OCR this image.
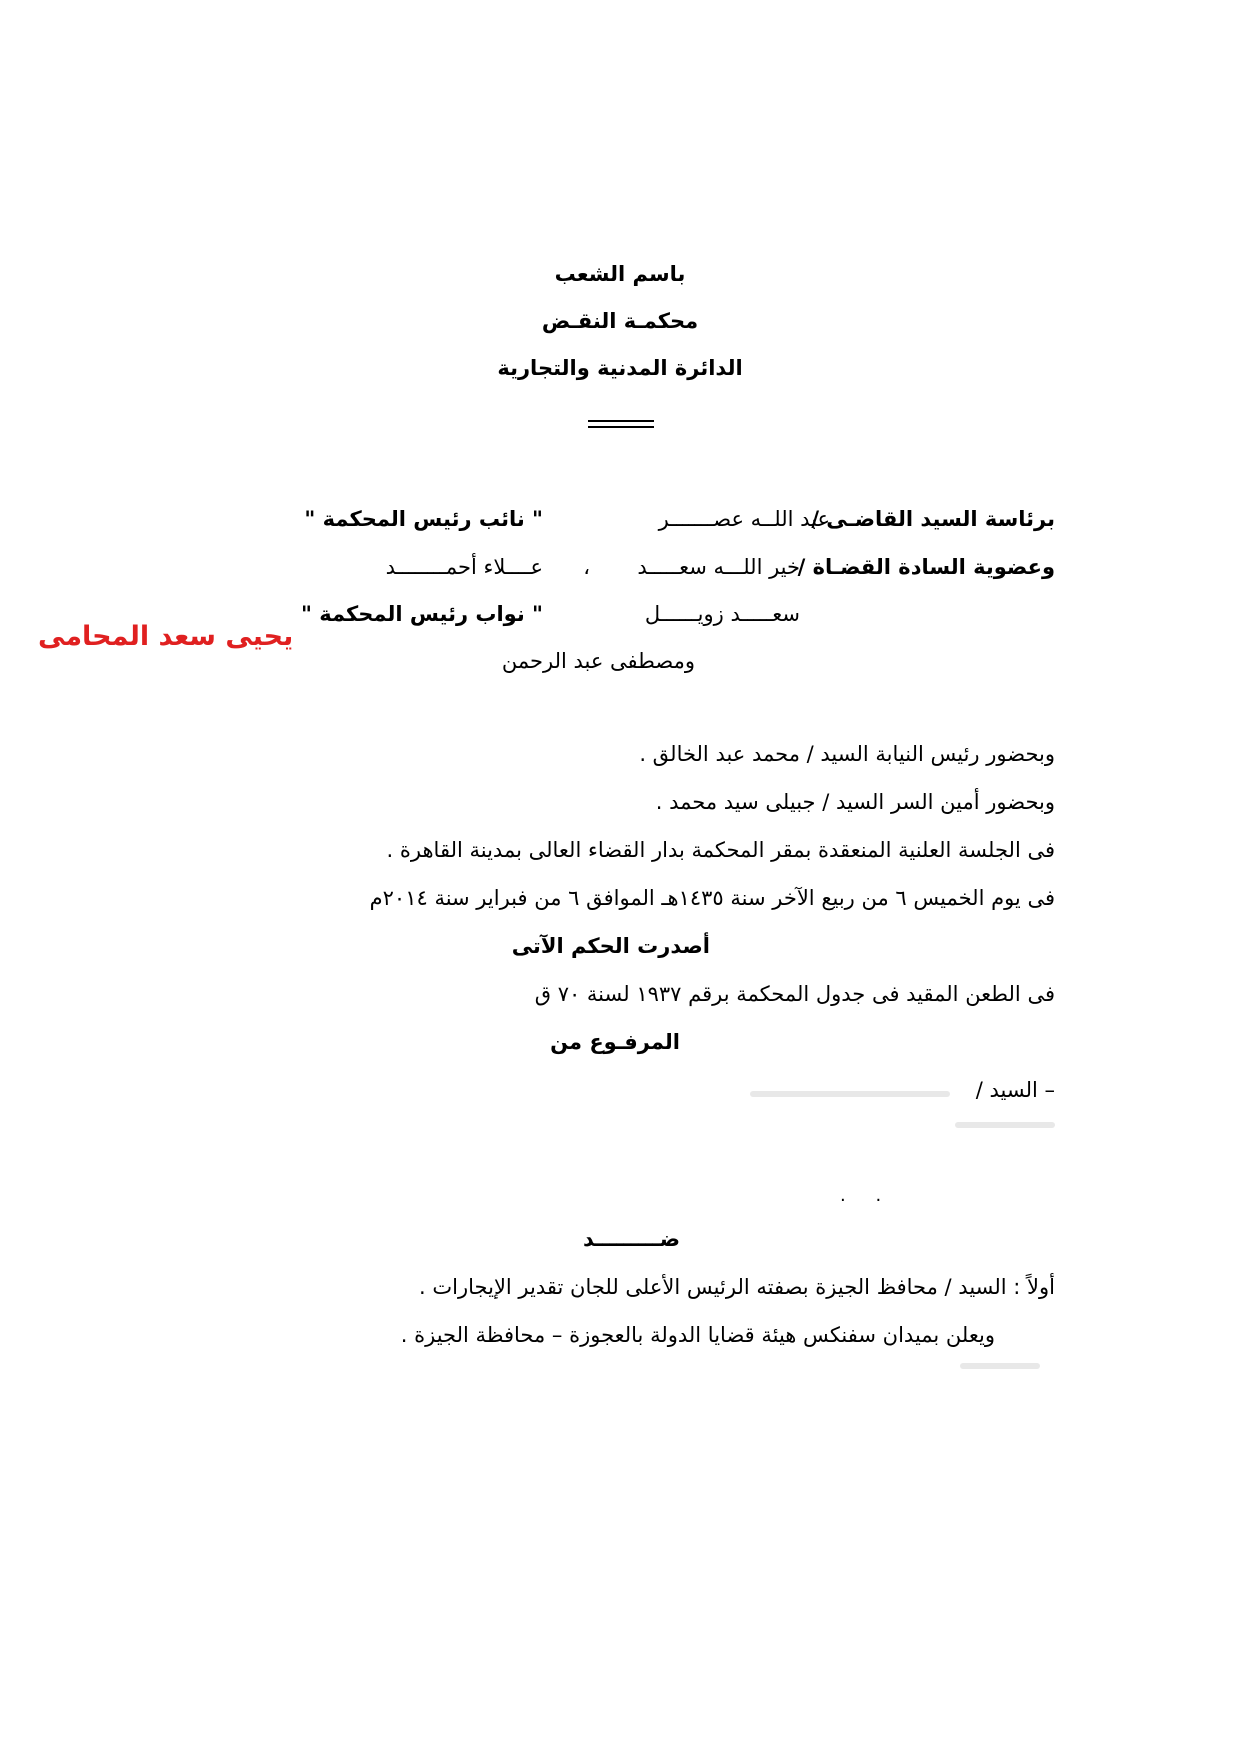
باسم الشعب
محكمـة النقـض
الدائرة المدنية والتجارية
برئاسة السيد القاضـى /
عبد اللــه عصـــــــر
" نائب رئيس المحكمة "
وعضوية السادة القضـاة /
خير اللـــه سعـــــد
،
عــــلاء أحمــــــــد
سعـــــد زويــــــل
" نواب رئيس المحكمة "
ومصطفى عبد الرحمن
يحيى سعد المحامى
وبحضور رئيس النيابة السيد / محمد عبد الخالق .
وبحضور أمين السر السيد / جبيلى سيد محمد .
فى الجلسة العلنية المنعقدة بمقر المحكمة بدار القضاء العالى بمدينة القاهرة .
فى يوم الخميس ٦ من ربيع الآخر سنة ١٤٣٥هـ الموافق ٦ من فبراير سنة ٢٠١٤م
أصدرت الحكم الآتى
فى الطعن المقيد فى جدول المحكمة برقم ١٩٣٧ لسنة ٧٠ ق
المرفـوع من
– السيد /
. .
ضـــــــــد
أولاً : السيد / محافظ الجيزة بصفته الرئيس الأعلى للجان تقدير الإيجارات .
ويعلن بميدان سفنكس هيئة قضايا الدولة بالعجوزة – محافظة الجيزة .
